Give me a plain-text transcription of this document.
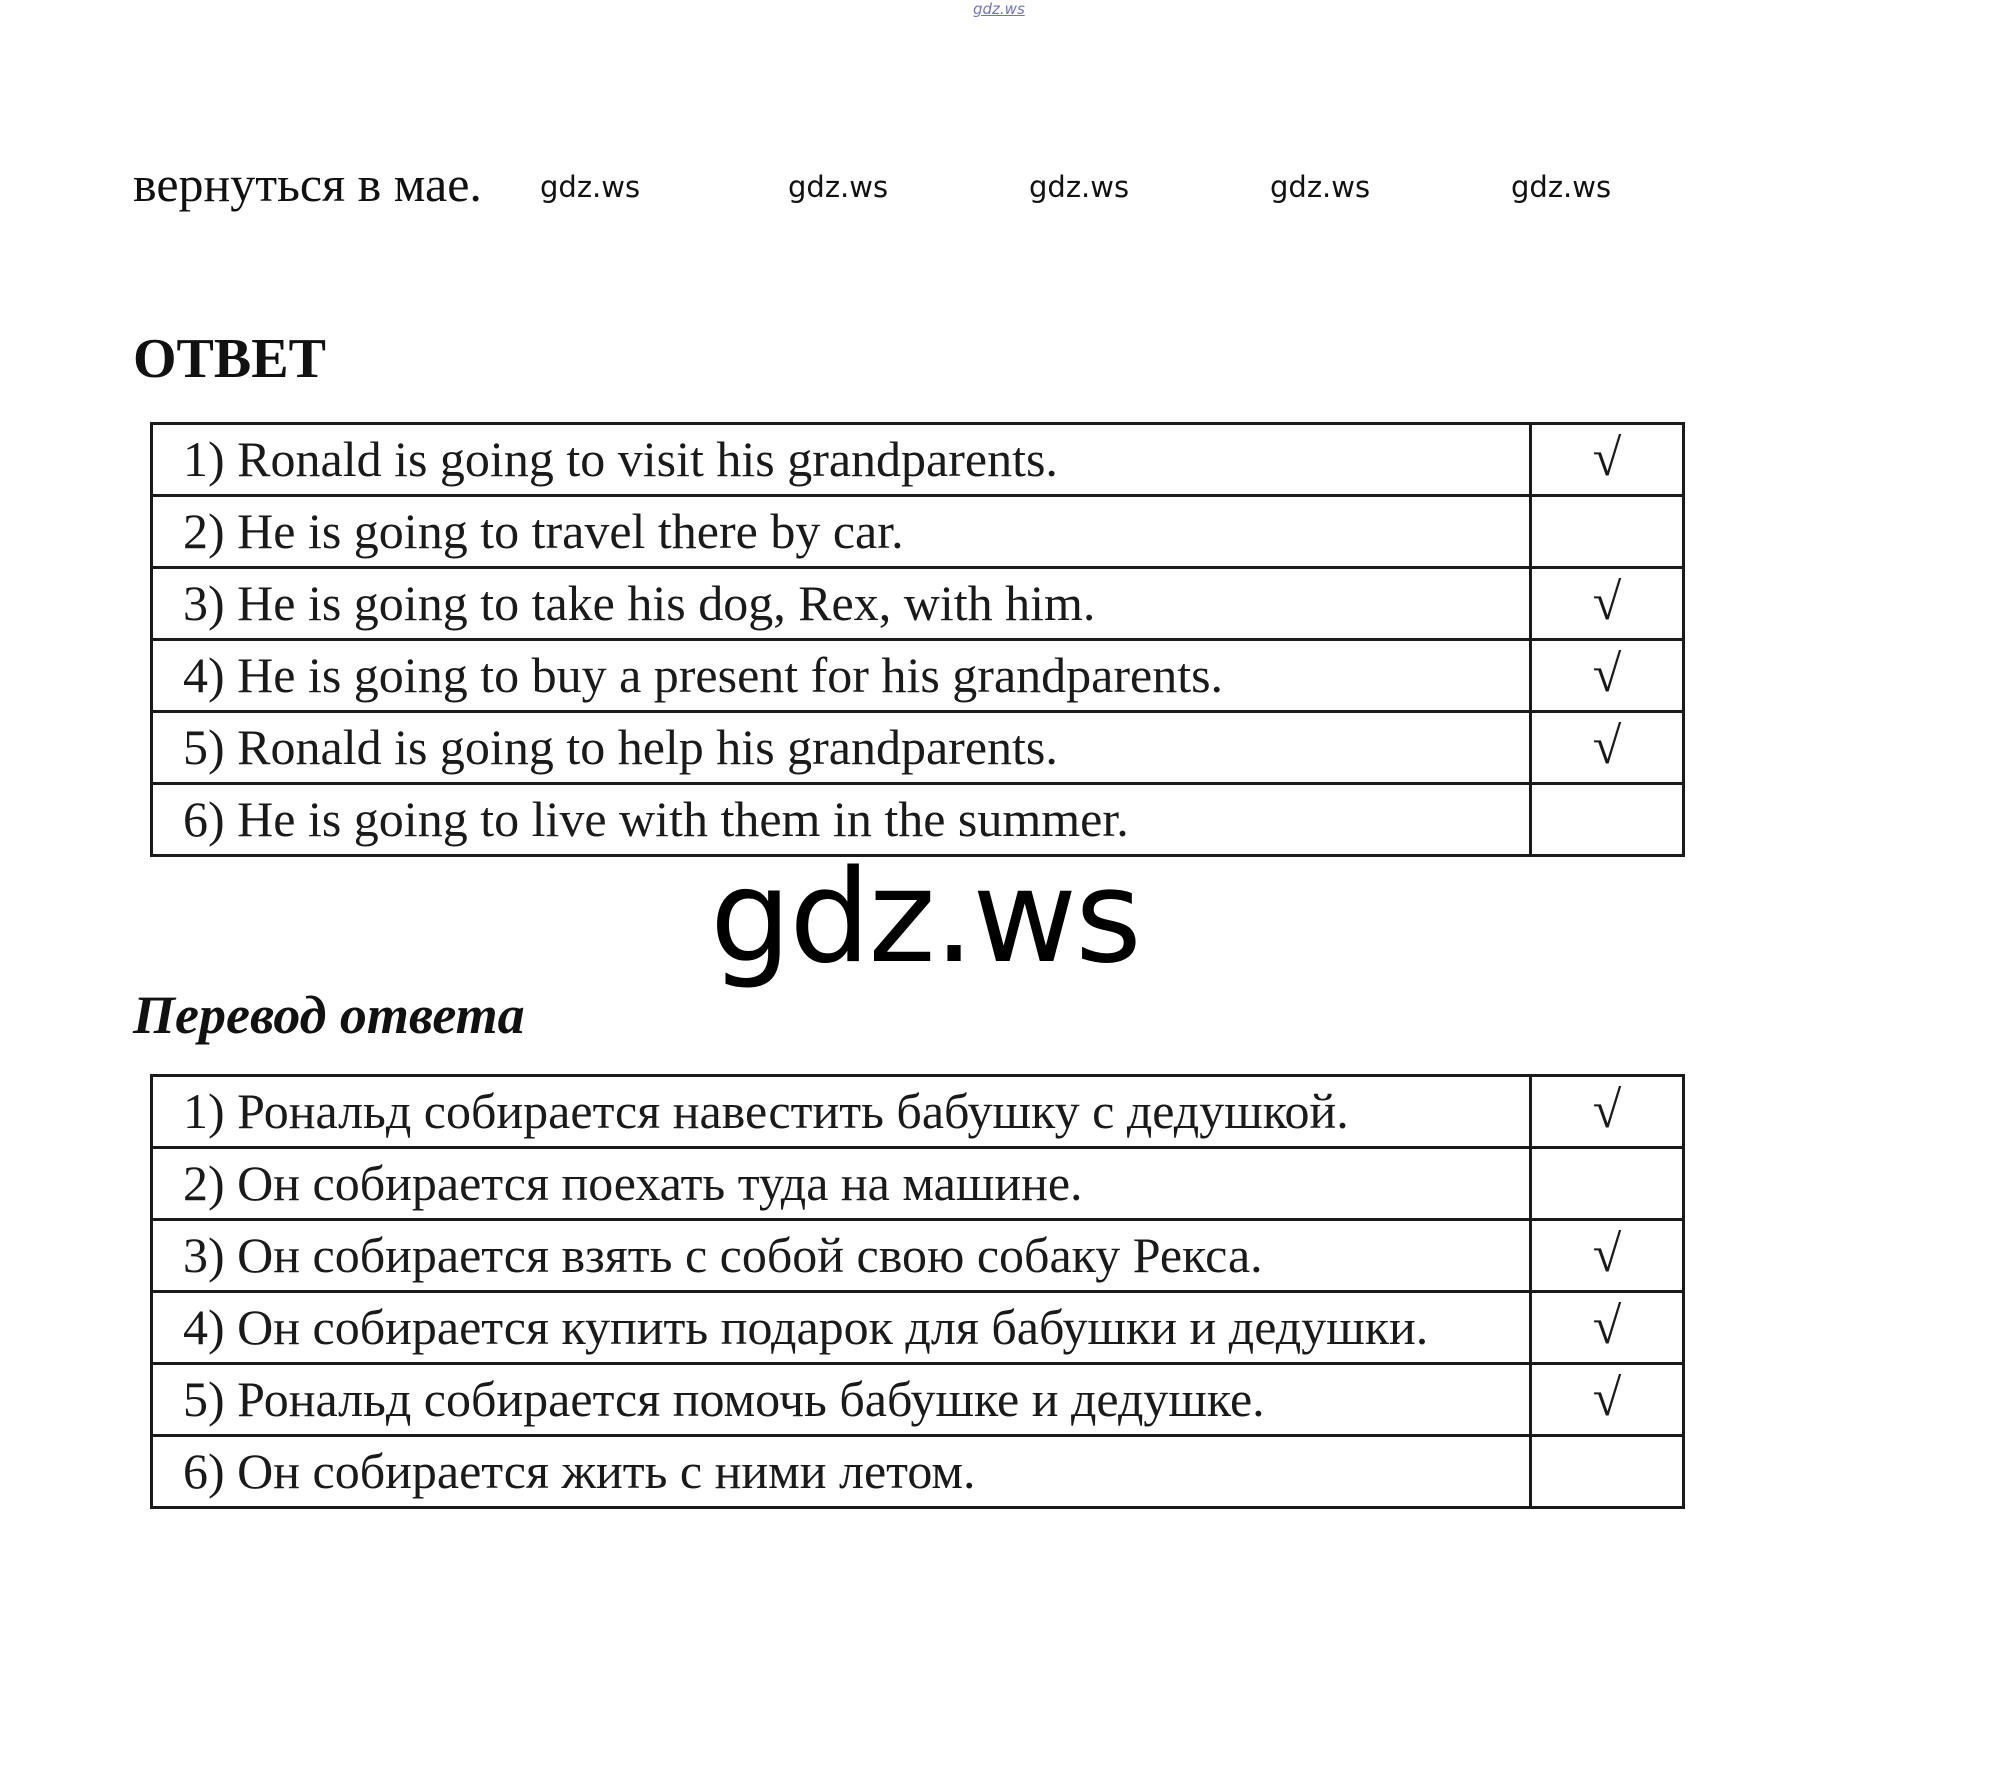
gdz.ws
вернуться в мае. gdz.ws	gdz.ws	gdz.ws	gdz.ws	gdz.ws
ОТВЕТ
1) Ronald is going to visit his grandparents.	√
2) He is going to travel there by car.	
3) He is going to take his dog, Rex, with him.	√
4) He is going to buy a present for his grandparents.	√
5) Ronald is going to help his grandparents.	√
6) He is going to live with them in the summer.	
gdz.ws
Перевод ответа
1) Рональд собирается навестить бабушку с дедушкой.	√
2) Он собирается поехать туда на машине.	
3) Он собирается взять с собой свою собаку Рекса.	√
4) Он собирается купить подарок для бабушки и дедушки.	√
5) Рональд собирается помочь бабушке и дедушке.	√
6) Он собирается жить с ними летом.	
